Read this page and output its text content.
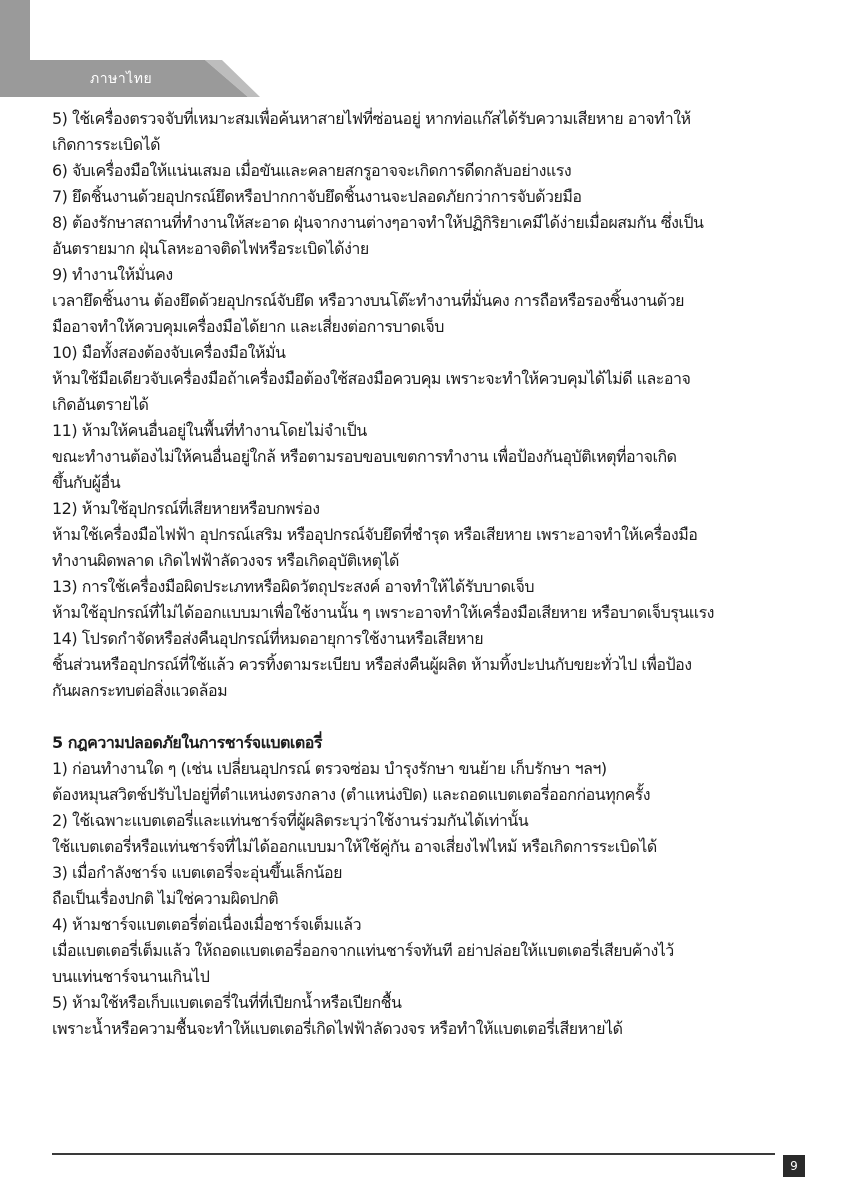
ภาษาไทย

5) ใช้เครื่องตรวจจับที่เหมาะสมเพื่อค้นหาสายไฟที่ซ่อนอยู่ หากท่อแก๊สได้รับความเสียหาย อาจทำให้

เกิดการระเบิดได้

6) จับเครื่องมือให้แน่นเสมอ เมื่อขันและคลายสกรูอาจจะเกิดการดีดกลับอย่างแรง

7) ยึดชิ้นงานด้วยอุปกรณ์ยึดหรือปากกาจับยึดชิ้นงานจะปลอดภัยกว่าการจับด้วยมือ

8) ต้องรักษาสถานที่ทำงานให้สะอาด ฝุ่นจากงานต่างๆอาจทำให้ปฏิกิริยาเคมีได้ง่ายเมื่อผสมกัน ซึ่งเป็น

อันตรายมาก ฝุ่นโลหะอาจติดไฟหรือระเบิดได้ง่าย

9) ทำงานให้มั่นคง

เวลายึดชิ้นงาน ต้องยึดด้วยอุปกรณ์จับยึด หรือวางบนโต๊ะทำงานที่มั่นคง การถือหรือรองชิ้นงานด้วย

มืออาจทำให้ควบคุมเครื่องมือได้ยาก และเสี่ยงต่อการบาดเจ็บ

10) มือทั้งสองต้องจับเครื่องมือให้มั่น

ห้ามใช้มือเดียวจับเครื่องมือถ้าเครื่องมือต้องใช้สองมือควบคุม เพราะจะทำให้ควบคุมได้ไม่ดี และอาจ

เกิดอันตรายได้

11) ห้ามให้คนอื่นอยู่ในพื้นที่ทำงานโดยไม่จำเป็น

ขณะทำงานต้องไม่ให้คนอื่นอยู่ใกล้ หรือตามรอบขอบเขตการทำงาน เพื่อป้องกันอุบัติเหตุที่อาจเกิด

ขึ้นกับผู้อื่น

12) ห้ามใช้อุปกรณ์ที่เสียหายหรือบกพร่อง

ห้ามใช้เครื่องมือไฟฟ้า อุปกรณ์เสริม หรืออุปกรณ์จับยึดที่ชำรุด หรือเสียหาย เพราะอาจทำให้เครื่องมือ

ทำงานผิดพลาด เกิดไฟฟ้าลัดวงจร หรือเกิดอุบัติเหตุได้

13) การใช้เครื่องมือผิดประเภทหรือผิดวัตถุประสงค์ อาจทำให้ได้รับบาดเจ็บ

ห้ามใช้อุปกรณ์ที่ไม่ได้ออกแบบมาเพื่อใช้งานนั้น ๆ เพราะอาจทำให้เครื่องมือเสียหาย หรือบาดเจ็บรุนแรง

14) โปรดกำจัดหรือส่งคืนอุปกรณ์ที่หมดอายุการใช้งานหรือเสียหาย

ชิ้นส่วนหรืออุปกรณ์ที่ใช้แล้ว ควรทิ้งตามระเบียบ หรือส่งคืนผู้ผลิต ห้ามทิ้งปะปนกับขยะทั่วไป เพื่อป้อง

กันผลกระทบต่อสิ่งแวดล้อม

5 กฎความปลอดภัยในการชาร์จแบตเตอรี่

1) ก่อนทำงานใด ๆ (เช่น เปลี่ยนอุปกรณ์ ตรวจซ่อม บำรุงรักษา ขนย้าย เก็บรักษา ฯลฯ)

ต้องหมุนสวิตช์ปรับไปอยู่ที่ตำแหน่งตรงกลาง (ตำแหน่งปิด) และถอดแบตเตอรี่ออกก่อนทุกครั้ง

2) ใช้เฉพาะแบตเตอรี่และแท่นชาร์จที่ผู้ผลิตระบุว่าใช้งานร่วมกันได้เท่านั้น

ใช้แบตเตอรี่หรือแท่นชาร์จที่ไม่ได้ออกแบบมาให้ใช้คู่กัน อาจเสี่ยงไฟไหม้ หรือเกิดการระเบิดได้

3) เมื่อกำลังชาร์จ แบตเตอรี่จะอุ่นขึ้นเล็กน้อย

ถือเป็นเรื่องปกติ ไม่ใช่ความผิดปกติ

4) ห้ามชาร์จแบตเตอรี่ต่อเนื่องเมื่อชาร์จเต็มแล้ว

เมื่อแบตเตอรี่เต็มแล้ว ให้ถอดแบตเตอรี่ออกจากแท่นชาร์จทันที อย่าปล่อยให้แบตเตอรี่เสียบค้างไว้

บนแท่นชาร์จนานเกินไป

5) ห้ามใช้หรือเก็บแบตเตอรี่ในที่ที่เปียกน้ำหรือเปียกชื้น

เพราะน้ำหรือความชื้นจะทำให้แบตเตอรี่เกิดไฟฟ้าลัดวงจร หรือทำให้แบตเตอรี่เสียหายได้

9
